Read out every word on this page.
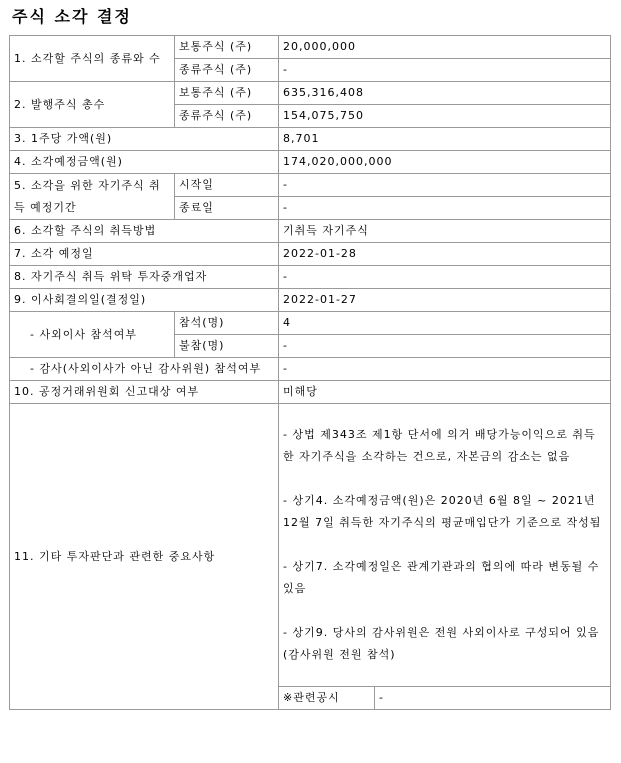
주식 소각 결정
1. 소각할 주식의 종류와 수	보통주식 (주)	20,000,000	
	종류주식 (주)	-	
2. 발행주식 총수	보통주식 (주)	635,316,408	
	종류주식 (주)	154,075,750	
3. 1주당 가액(원)		8,701	
4. 소각예정금액(원)		174,020,000,000	
5. 소각을 위한 자기주식 취득 예정기간	시작일	-	
	종료일	-	
6. 소각할 주식의 취득방법		기취득 자기주식	
7. 소각 예정일		2022-01-28	
8. 자기주식 취득 위탁 투자중개업자		-	
9. 이사회결의일(결정일)		2022-01-27	
- 사외이사 참석여부	참석(명)	4	
	불참(명)	-	
- 감사(사외이사가 아닌 감사위원) 참석여부		-	
10. 공정거래위원회 신고대상 여부		미해당	
11. 기타 투자판단과 관련한 중요사항		- 상법 제343조 제1항 단서에 의거 배당가능이익으로 취득한 자기주식을 소각하는 건으로, 자본금의 감소는 없음

- 상기4. 소각예정금액(원)은 2020년 6월 8일 ~ 2021년 12월 7일 취득한 자기주식의 평균매입단가 기준으로 작성됨

- 상기7. 소각예정일은 관계기관과의 협의에 따라 변동될 수 있음

- 상기9. 당사의 감사위원은 전원 사외이사로 구성되어 있음(감사위원 전원 참석)	
		※관련공시	-
